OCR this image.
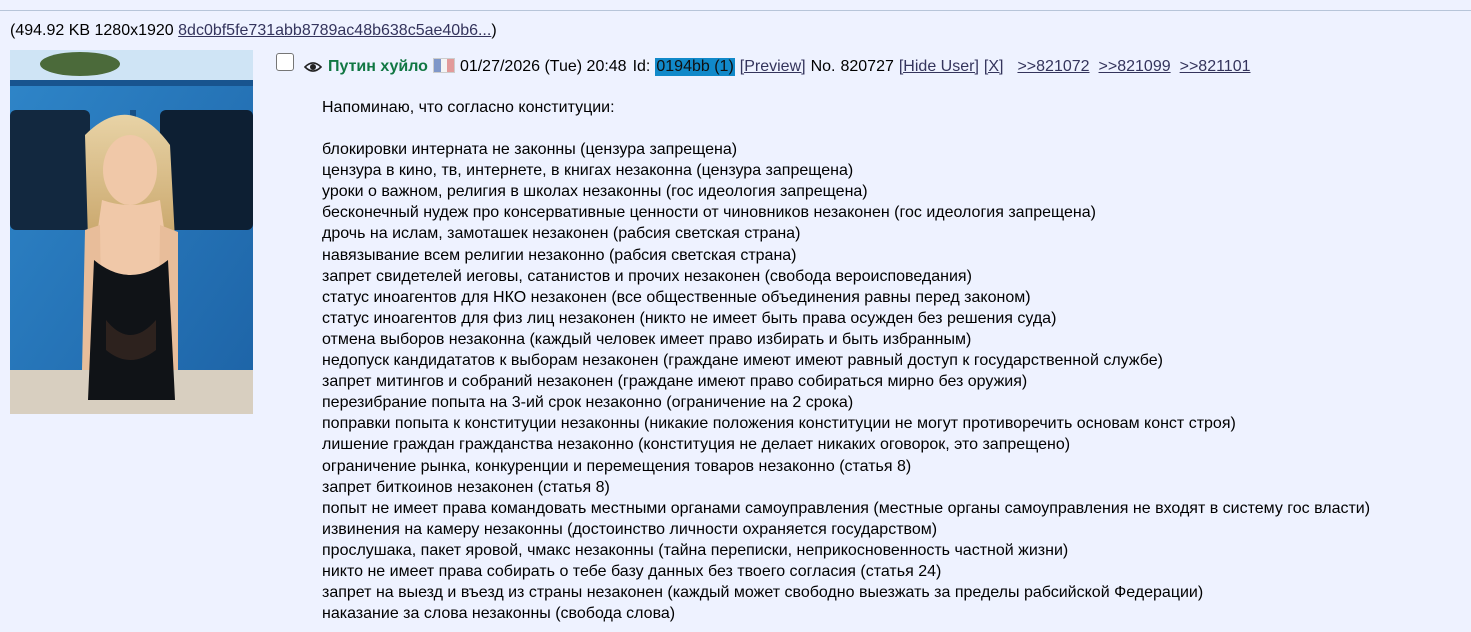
(494.92 KB 1280x1920 8dc0bf5fe731abb8789ac48b638c5ae40b6...)
Путин хуйло 01/27/2026 (Tue) 20:48 Id: 0194bb (1) [Preview] No. 820727 [Hide User] [X] >>821072 >>821099 >>821101
Напоминаю, что согласно конституции:
блокировки интерната не законны (цензура запрещена)
цензура в кино, тв, интернете, в книгах незаконна (цензура запрещена)
уроки о важном, религия в школах незаконны (гос идеология запрещена)
бесконечный нудеж про консервативные ценности от чиновников незаконен (гос идеология запрещена)
дрочь на ислам, замоташек незаконен (рабсия светская страна)
навязывание всем религии незаконно (рабсия светская страна)
запрет свидетелей иеговы, сатанистов и прочих незаконен (свобода вероисповедания)
статус иноагентов для НКО незаконен (все общественные объединения равны перед законом)
статус иноагентов для физ лиц незаконен (никто не имеет быть права осужден без решения суда)
отмена выборов незаконна (каждый человек имеет право избирать и быть избранным)
недопуск кандидататов к выборам незаконен (граждане имеют имеют равный доступ к государственной службе)
запрет митингов и собраний незаконен (граждане имеют право собираться мирно без оружия)
перезибрание попыта на 3-ий срок незаконно (ограничение на 2 срока)
поправки попыта к конституции незаконны (никакие положения конституции не могут противоречить основам конст строя)
лишение граждан гражданства незаконно (конституция не делает никаких оговорок, это запрещено)
ограничение рынка, конкуренции и перемещения товаров незаконно (статья 8)
запрет биткоинов незаконен (статья 8)
попыт не имеет права командовать местными органами самоуправления (местные органы самоуправления не входят в систему гос власти)
извинения на камеру незаконны (достоинство личности охраняется государством)
прослушака, пакет яровой, чмакс незаконны (тайна переписки, неприкосновенность частной жизни)
никто не имеет права собирать о тебе базу данных без твоего согласия (статья 24)
запрет на выезд и въезд из страны незаконен (каждый может свободно выезжать за пределы рабсийской Федерации)
наказание за слова незаконны (свобода слова)
